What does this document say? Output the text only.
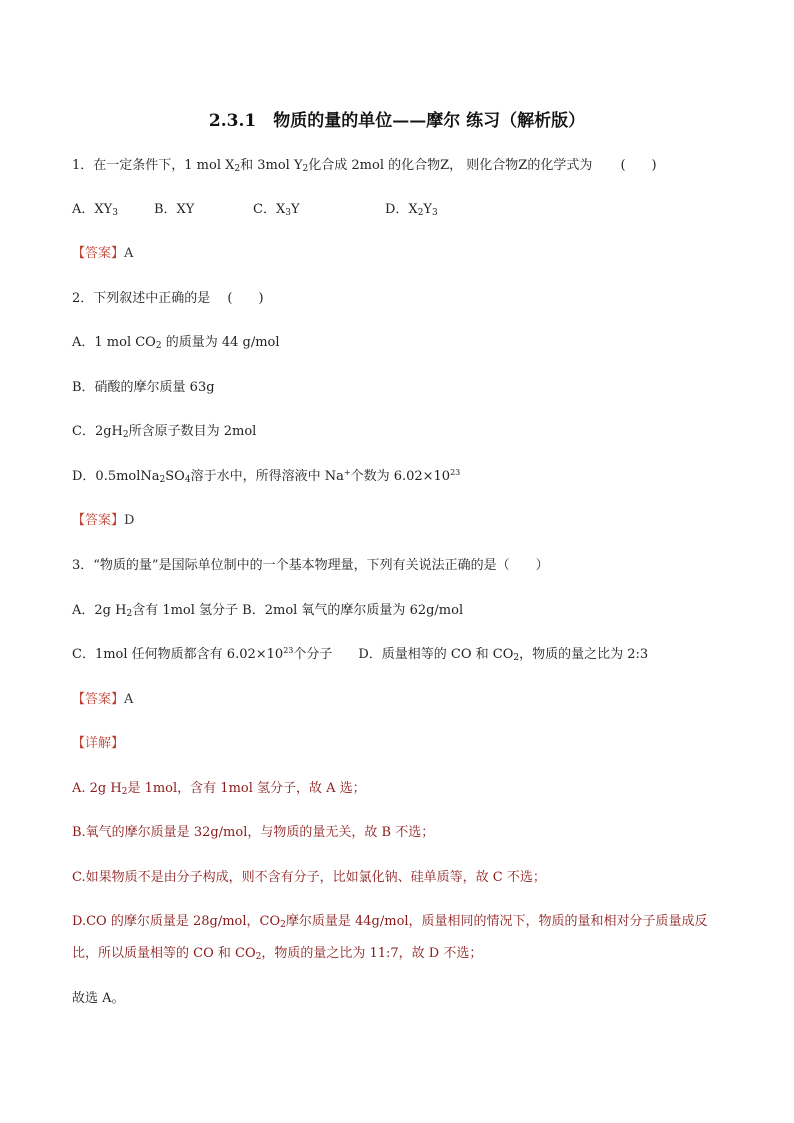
2.3.1　物质的量的单位——摩尔 练习（解析版）
1．在一定条件下，1 mol $X_2$和 3mol $Y_2$化合成 2mol 的化合物Z， 则化合物Z的化学式为 (　　)
A．$XY_3$	B．XY	C．$X_3Y$	D．$X_2Y_3$
【答案】A
2．下列叙述中正确的是　 (　　)
A．1 mol $CO_2$ 的质量为 44 g/mol
B．硝酸的摩尔质量 63g
C．$2gH_2$所含原子数目为 2mol
D．$0.5molNa_2SO_4$溶于水中，所得溶液中 Na+个数为 $6.02\times 10^{23}$
【答案】D
3．“物质的量”是国际单位制中的一个基本物理量，下列有关说法正确的是（　　）
A．2g $H_2$含有 1mol 氢分子 B．2mol 氧气的摩尔质量为 62g/mol
C．1mol 任何物质都含有 $6.02\times 10^{23}$个分子　　D．质量相等的 CO 和 $CO_2$，物质的量之比为 2:3
【答案】A
【详解】
A. 2g $H_2$是 1mol，含有 1mol 氢分子，故 A 选；
B.氧气的摩尔质量是 32g/mol，与物质的量无关，故 B 不选；
C.如果物质不是由分子构成，则不含有分子，比如氯化钠、硅单质等，故 C 不选；
D.CO 的摩尔质量是 28g/mol，$CO_2$摩尔质量是 44g/mol，质量相同的情况下，物质的量和相对分子质量成反
比，所以质量相等的 CO 和 $CO_2$，物质的量之比为 11:7，故 D 不选；
故选 A。
